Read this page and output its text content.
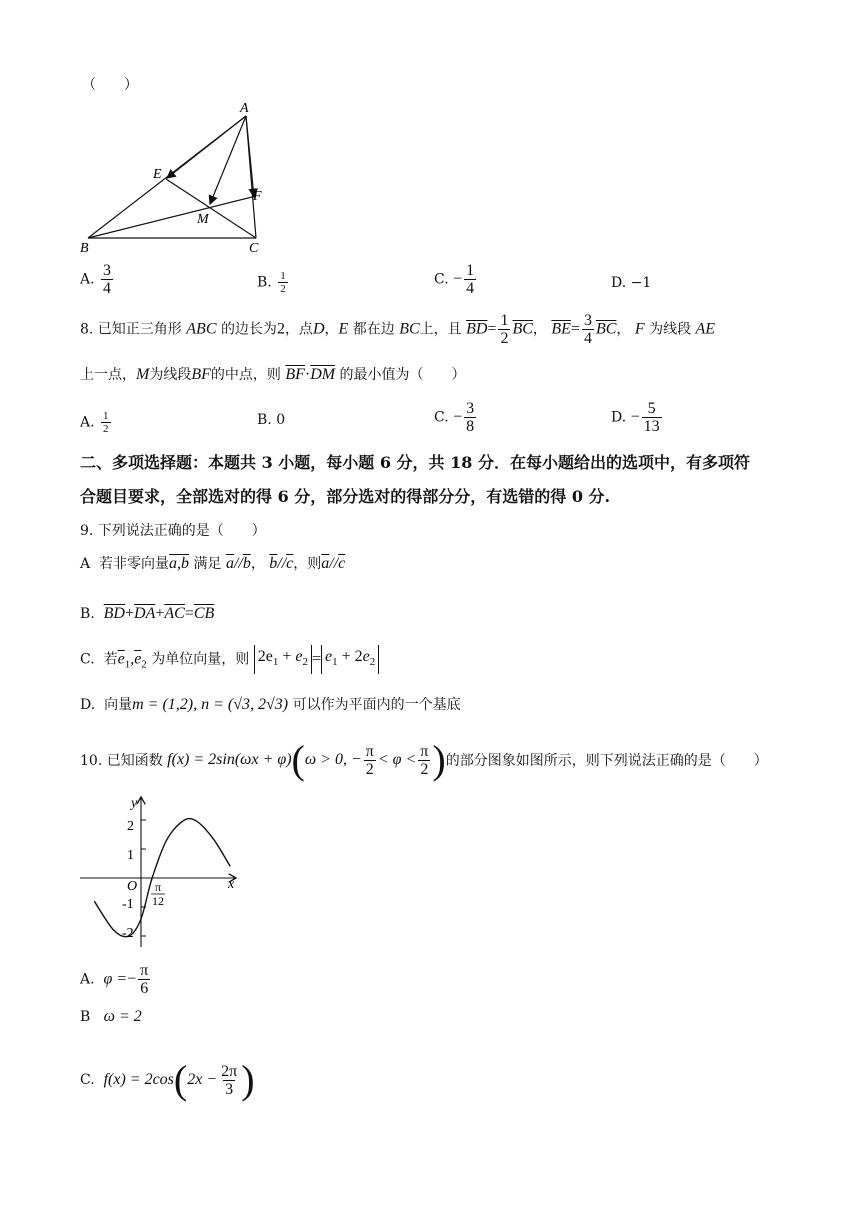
（　　）
A
E
F
M
B	C
A. $\frac{3}{4}$	B. $\frac{1}{2}$	C. − $\frac{1}{4}$	D. −1
8. 已知正三角形 ABC 的边长为2，点D，E 都在边 BC上，且 $\overline{BD}= \frac{1}{2} \overline{BC}$， $\overline{BE}= \frac{3}{4} \overline{BC}$， F 为线段 AE
上一点，M为线段BF的中点，则 $\overline{BF}\cdot\overline{DM}$ 的最小值为（　　）
A. $\frac{1}{2}$	B. 0	C. − $\frac{3}{8}$	D. − $\frac{5}{13}$
二、多项选择题：本题共 3 小题，每小题 6 分，共 18 分．在每小题给出的选项中，有多项符
合题目要求，全部选对的得 6 分，部分选对的得部分分，有选错的得 0 分.
9. 下列说法正确的是（　　）
A 若非零向量a,b 满足 $\overline{a}//\overline{b}$， $\overline{b}//\overline{c}$，则$\overline{a}//\overline{c}$
B. $\overline{BD}+\overline{DA}+\overline{AC}=\overline{CB}$
C. 若$\overline{e}_1,\overline{e}_2$ 为单位向量，则 $2e_1 + e_2 = e_1 + 2e_2$
D. 向量m = (1,2), n = (√3, 2√3) 可以作为平面内的一个基底
10. 已知函数
f(x) = 2sin(ωx + φ) ( ω > 0, − $\frac{\pi}{2} < \varphi < \frac{\pi}{2}$ ) 的部分图象如图所示，则下列说法正确的是（　　）
y
x
O
2
1
-1
-2
π
12
A. $\varphi =- \frac{\pi}{6}$
B ω = 2
C.
f(x) = 2cos ( $2x - \frac{2\pi}{3}$ )
